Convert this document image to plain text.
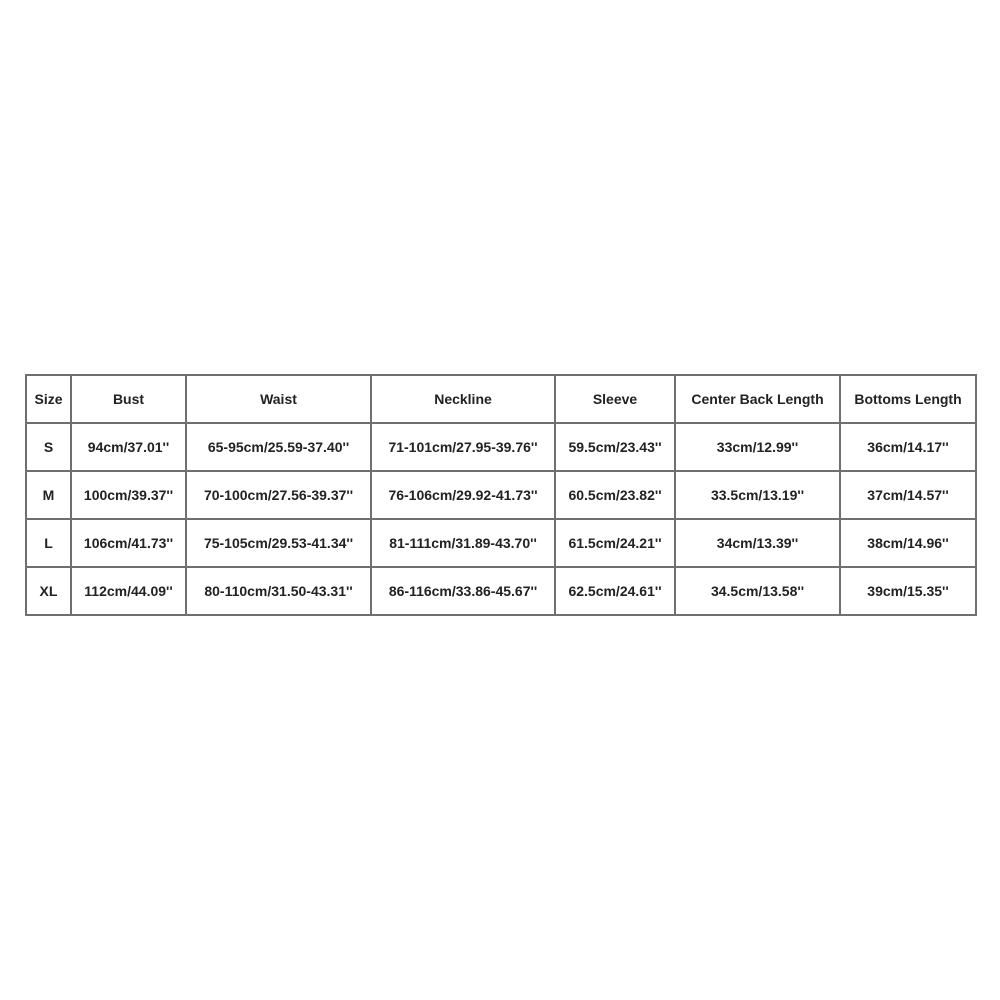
Size	Bust	Waist	Neckline	Sleeve	Center Back Length	Bottoms Length
S	94cm/37.01''	65-95cm/25.59-37.40''	71-101cm/27.95-39.76''	59.5cm/23.43''	33cm/12.99''	36cm/14.17''
M	100cm/39.37''	70-100cm/27.56-39.37''	76-106cm/29.92-41.73''	60.5cm/23.82''	33.5cm/13.19''	37cm/14.57''
L	106cm/41.73''	75-105cm/29.53-41.34''	81-111cm/31.89-43.70''	61.5cm/24.21''	34cm/13.39''	38cm/14.96''
XL	112cm/44.09''	80-110cm/31.50-43.31''	86-116cm/33.86-45.67''	62.5cm/24.61''	34.5cm/13.58''	39cm/15.35''
